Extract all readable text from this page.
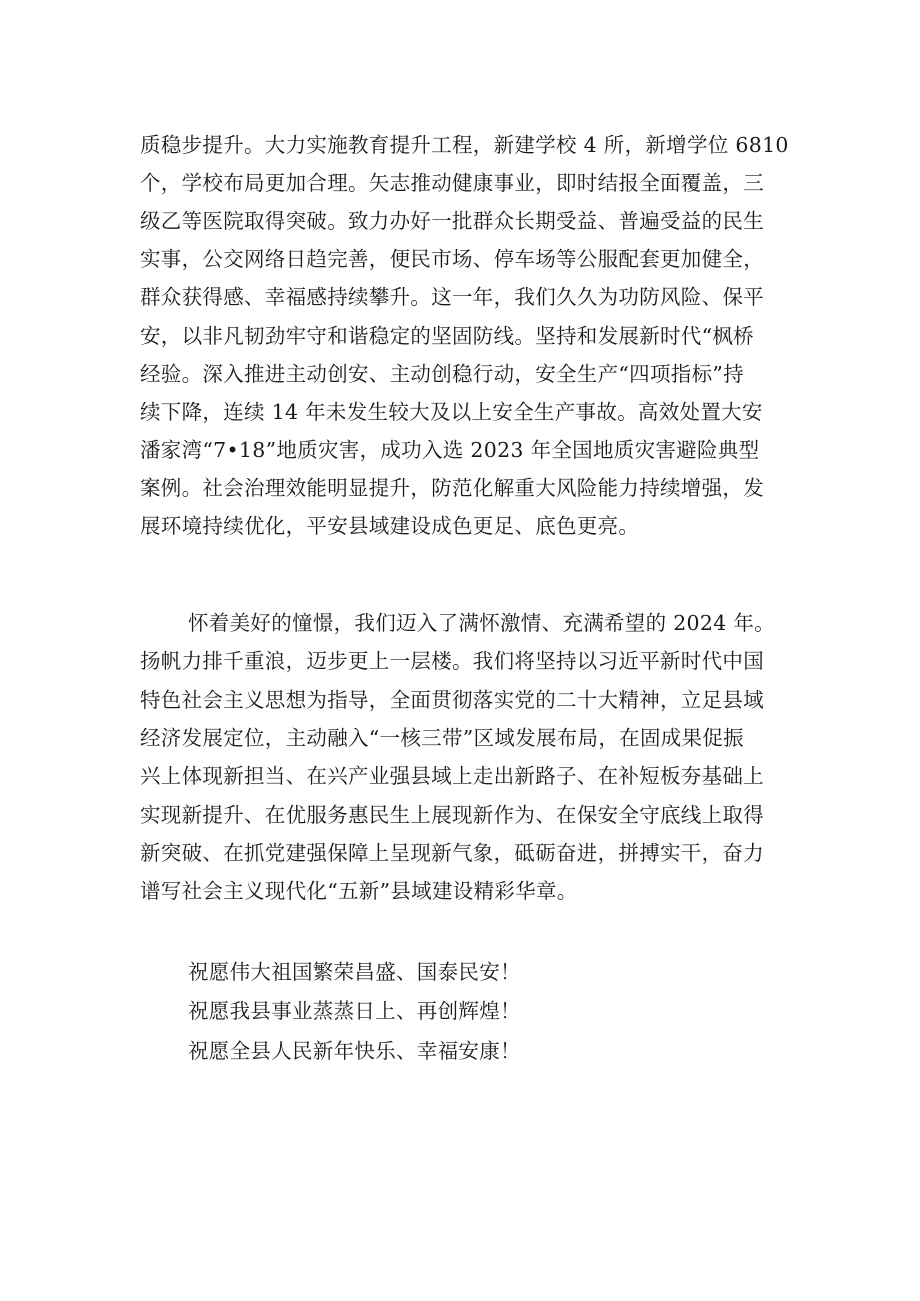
质稳步提升。大力实施教育提升工程，新建学校 4 所，新增学位 6810
个，学校布局更加合理。矢志推动健康事业，即时结报全面覆盖，三
级乙等医院取得突破。致力办好一批群众长期受益、普遍受益的民生
实事，公交网络日趋完善，便民市场、停车场等公服配套更加健全，
群众获得感、幸福感持续攀升。这一年，我们久久为功防风险、保平
安，以非凡韧劲牢守和谐稳定的坚固防线。坚持和发展新时代“枫桥
经验。深入推进主动创安、主动创稳行动，安全生产“四项指标”持
续下降，连续 14 年未发生较大及以上安全生产事故。高效处置大安
潘家湾“7•18”地质灾害，成功入选 2023 年全国地质灾害避险典型
案例。社会治理效能明显提升，防范化解重大风险能力持续增强，发
展环境持续优化，平安县域建设成色更足、底色更亮。
怀着美好的憧憬，我们迈入了满怀激情、充满希望的 2024 年。
扬帆力排千重浪，迈步更上一层楼。我们将坚持以习近平新时代中国
特色社会主义思想为指导，全面贯彻落实党的二十大精神，立足县域
经济发展定位，主动融入“一核三带”区域发展布局，在固成果促振
兴上体现新担当、在兴产业强县域上走出新路子、在补短板夯基础上
实现新提升、在优服务惠民生上展现新作为、在保安全守底线上取得
新突破、在抓党建强保障上呈现新气象，砥砺奋进，拼搏实干，奋力
谱写社会主义现代化“五新”县域建设精彩华章。
祝愿伟大祖国繁荣昌盛、国泰民安！
祝愿我县事业蒸蒸日上、再创辉煌！
祝愿全县人民新年快乐、幸福安康！
